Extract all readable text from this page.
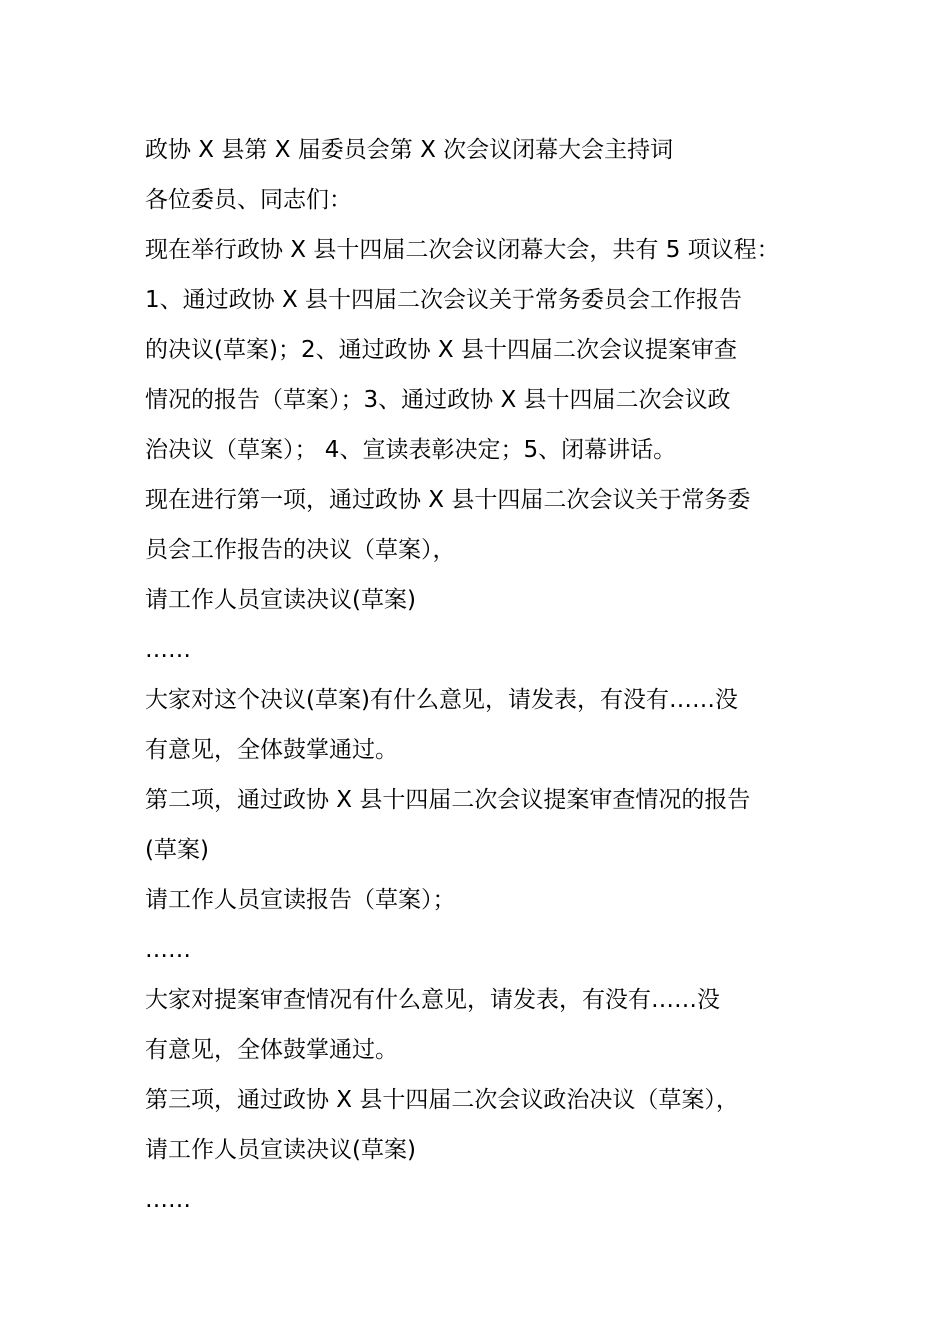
政协 X 县第 X 届委员会第 X 次会议闭幕大会主持词
各位委员、同志们：
现在举行政协 X 县十四届二次会议闭幕大会，共有 5 项议程：
1、通过政协 X 县十四届二次会议关于常务委员会工作报告
的决议(草案)；2、通过政协 X 县十四届二次会议提案审查
情况的报告（草案）；3、通过政协 X 县十四届二次会议政
治决议（草案）； 4、宣读表彰决定；5、闭幕讲话。
现在进行第一项，通过政协 X 县十四届二次会议关于常务委
员会工作报告的决议（草案），
请工作人员宣读决议(草案)
……
大家对这个决议(草案)有什么意见，请发表，有没有……没
有意见，全体鼓掌通过。
第二项，通过政协 X 县十四届二次会议提案审查情况的报告
(草案)
请工作人员宣读报告（草案）；
……
大家对提案审查情况有什么意见，请发表，有没有……没
有意见，全体鼓掌通过。
第三项，通过政协 X 县十四届二次会议政治决议（草案），
请工作人员宣读决议(草案)
……
